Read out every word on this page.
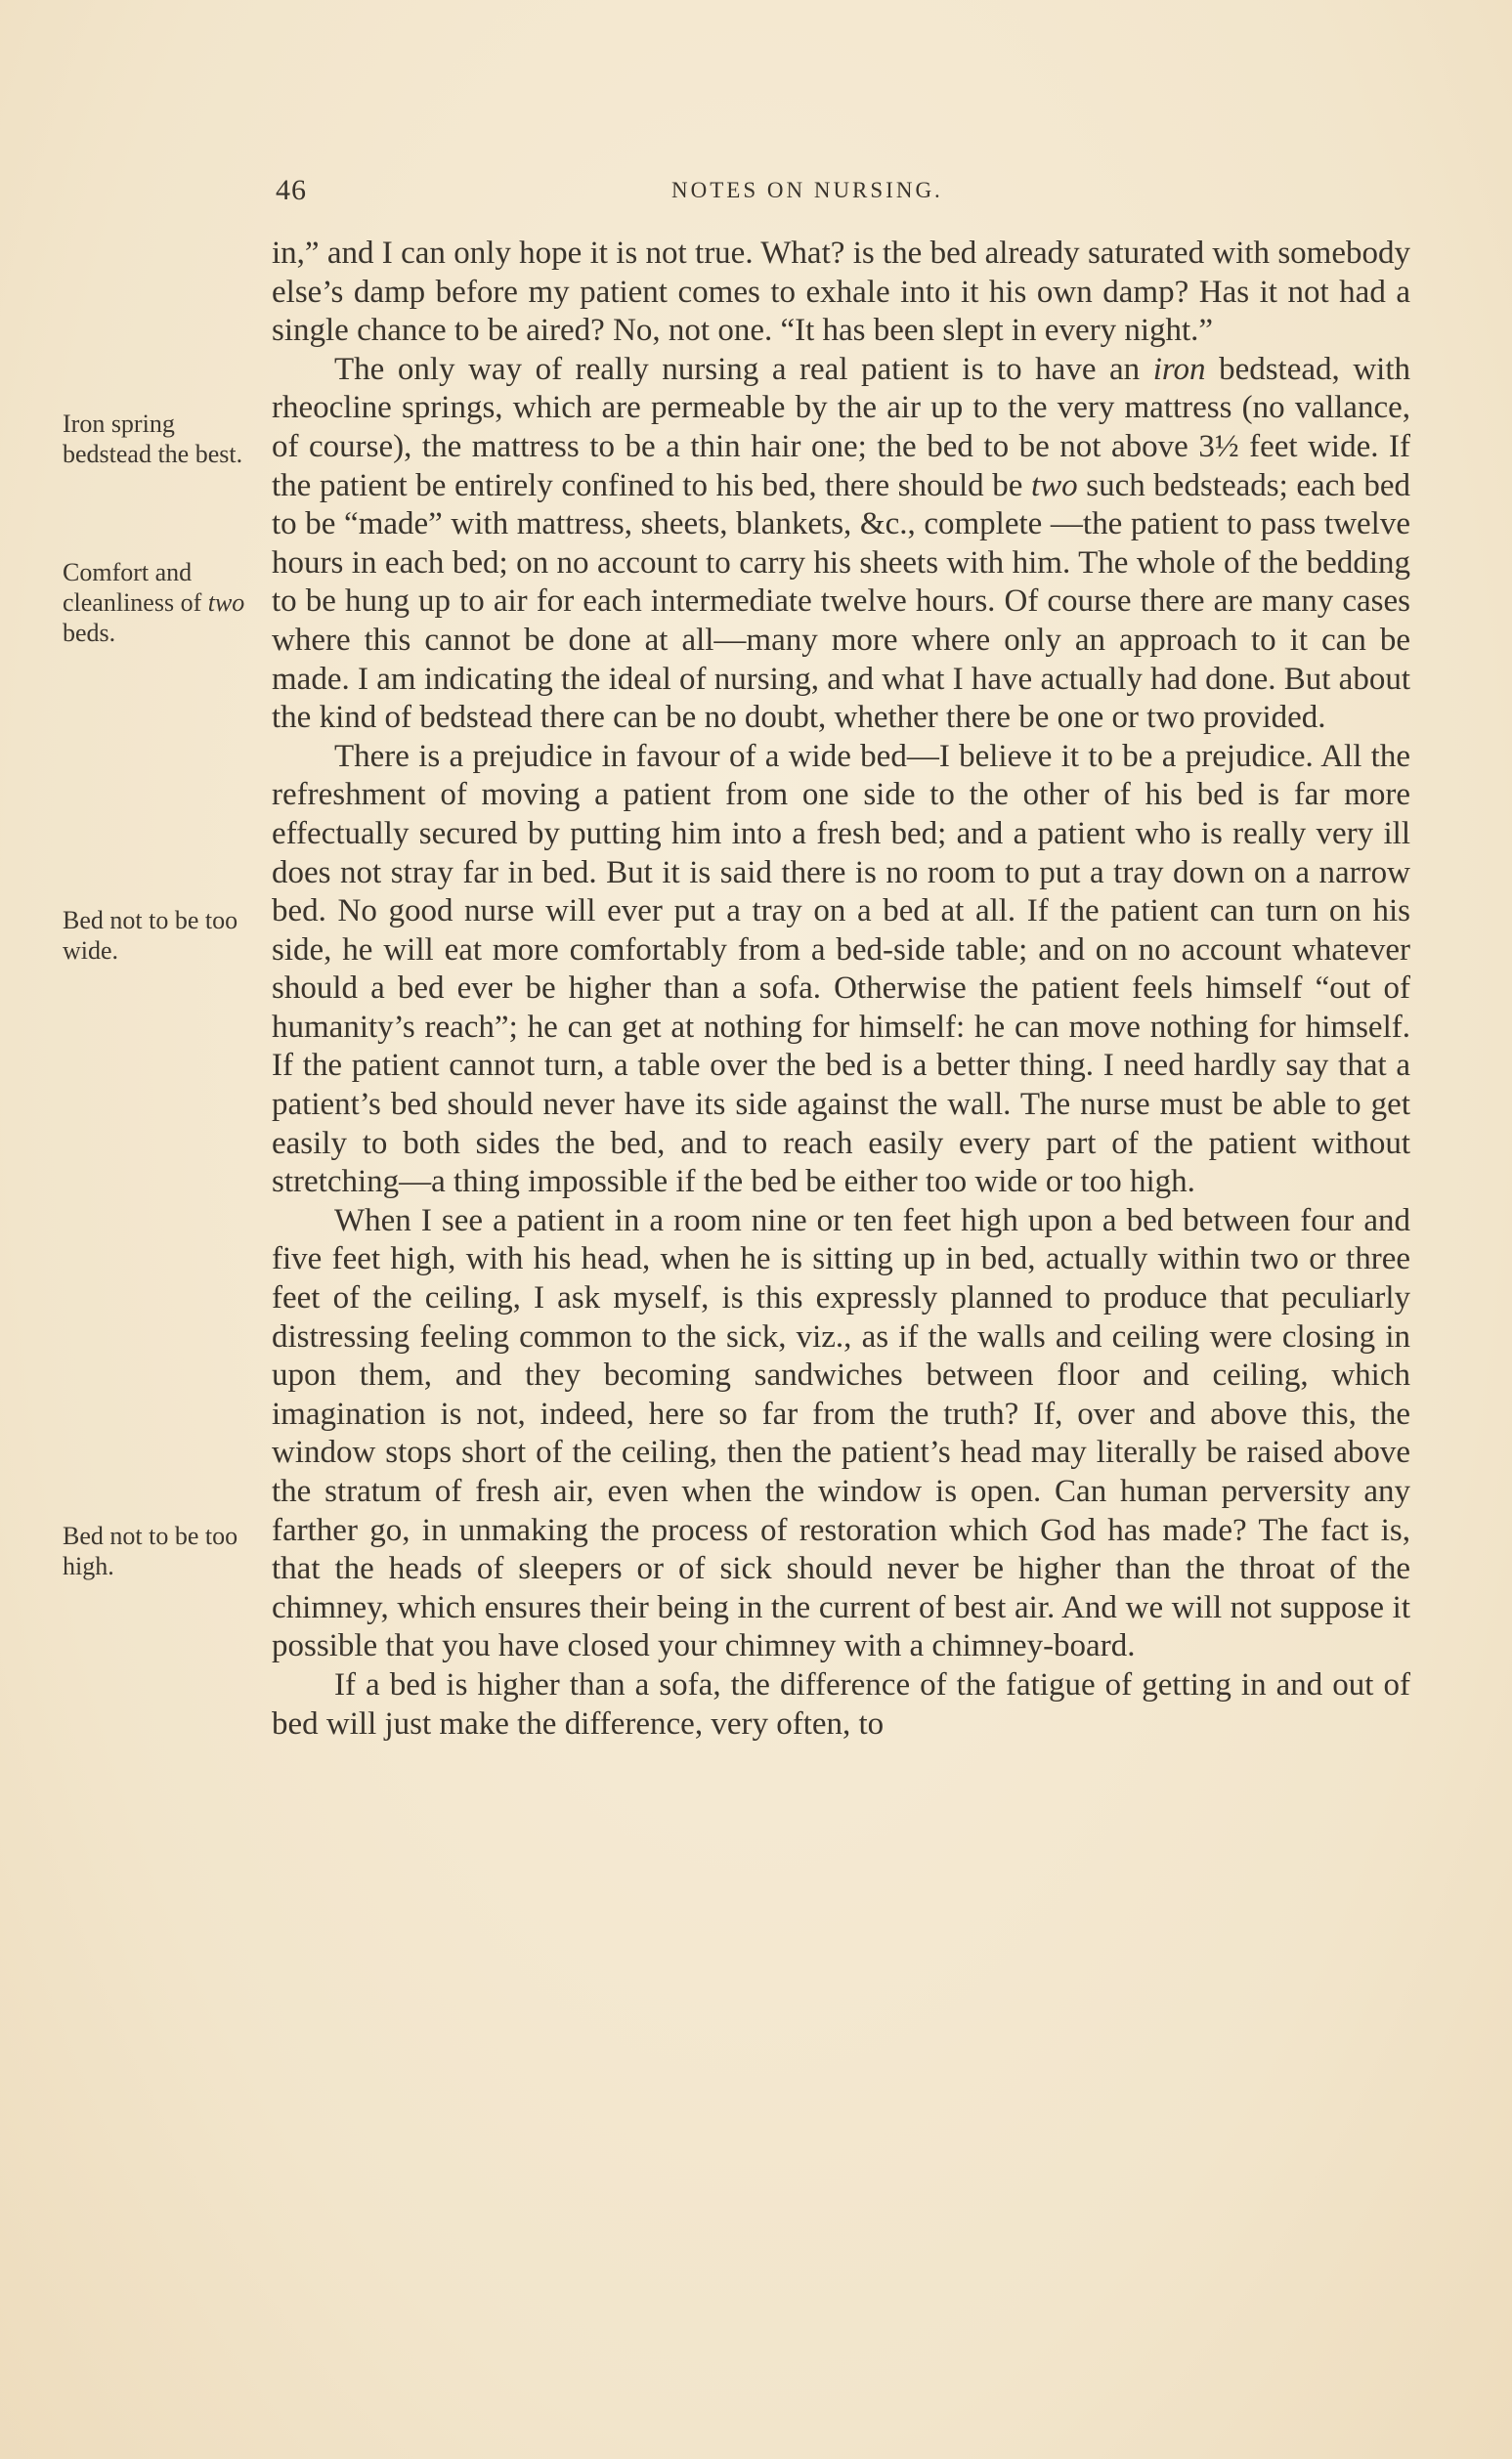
46	NOTES ON NURSING.
Iron spring bedstead the best.
Comfort and cleanliness of two beds.
Bed not to be too wide.
Bed not to be too high.

in,” and I can only hope it is not true. What? is the bed already saturated with somebody else’s damp before my patient comes to exhale into it his own damp? Has it not had a single chance to be aired? No, not one. “It has been slept in every night.”

The only way of really nursing a real patient is to have an iron bedstead, with rheocline springs, which are permeable by the air up to the very mattress (no vallance, of course), the mattress to be a thin hair one; the bed to be not above 3½ feet wide. If the patient be entirely confined to his bed, there should be two such bedsteads; each bed to be “made” with mattress, sheets, blankets, &c., complete —the patient to pass twelve hours in each bed; on no account to carry his sheets with him. The whole of the bedding to be hung up to air for each intermediate twelve hours. Of course there are many cases where this cannot be done at all—many more where only an approach to it can be made. I am indicating the ideal of nursing, and what I have actually had done. But about the kind of bedstead there can be no doubt, whether there be one or two provided.

There is a prejudice in favour of a wide bed—I believe it to be a prejudice. All the refreshment of moving a patient from one side to the other of his bed is far more effectually secured by putting him into a fresh bed; and a patient who is really very ill does not stray far in bed. But it is said there is no room to put a tray down on a narrow bed. No good nurse will ever put a tray on a bed at all. If the patient can turn on his side, he will eat more comfortably from a bed-side table; and on no account whatever should a bed ever be higher than a sofa. Otherwise the patient feels himself “out of humanity’s reach”; he can get at nothing for himself: he can move nothing for himself. If the patient cannot turn, a table over the bed is a better thing. I need hardly say that a patient’s bed should never have its side against the wall. The nurse must be able to get easily to both sides the bed, and to reach easily every part of the patient without stretching—a thing impossible if the bed be either too wide or too high.

When I see a patient in a room nine or ten feet high upon a bed between four and five feet high, with his head, when he is sitting up in bed, actually within two or three feet of the ceiling, I ask myself, is this expressly planned to produce that peculiarly distressing feeling common to the sick, viz., as if the walls and ceiling were closing in upon them, and they becoming sandwiches between floor and ceiling, which imagination is not, indeed, here so far from the truth? If, over and above this, the window stops short of the ceiling, then the patient’s head may literally be raised above the stratum of fresh air, even when the window is open. Can human perversity any farther go, in unmaking the process of restoration which God has made? The fact is, that the heads of sleepers or of sick should never be higher than the throat of the chimney, which ensures their being in the current of best air. And we will not suppose it possible that you have closed your chimney with a chimney-board.

If a bed is higher than a sofa, the difference of the fatigue of getting in and out of bed will just make the difference, very often, to
